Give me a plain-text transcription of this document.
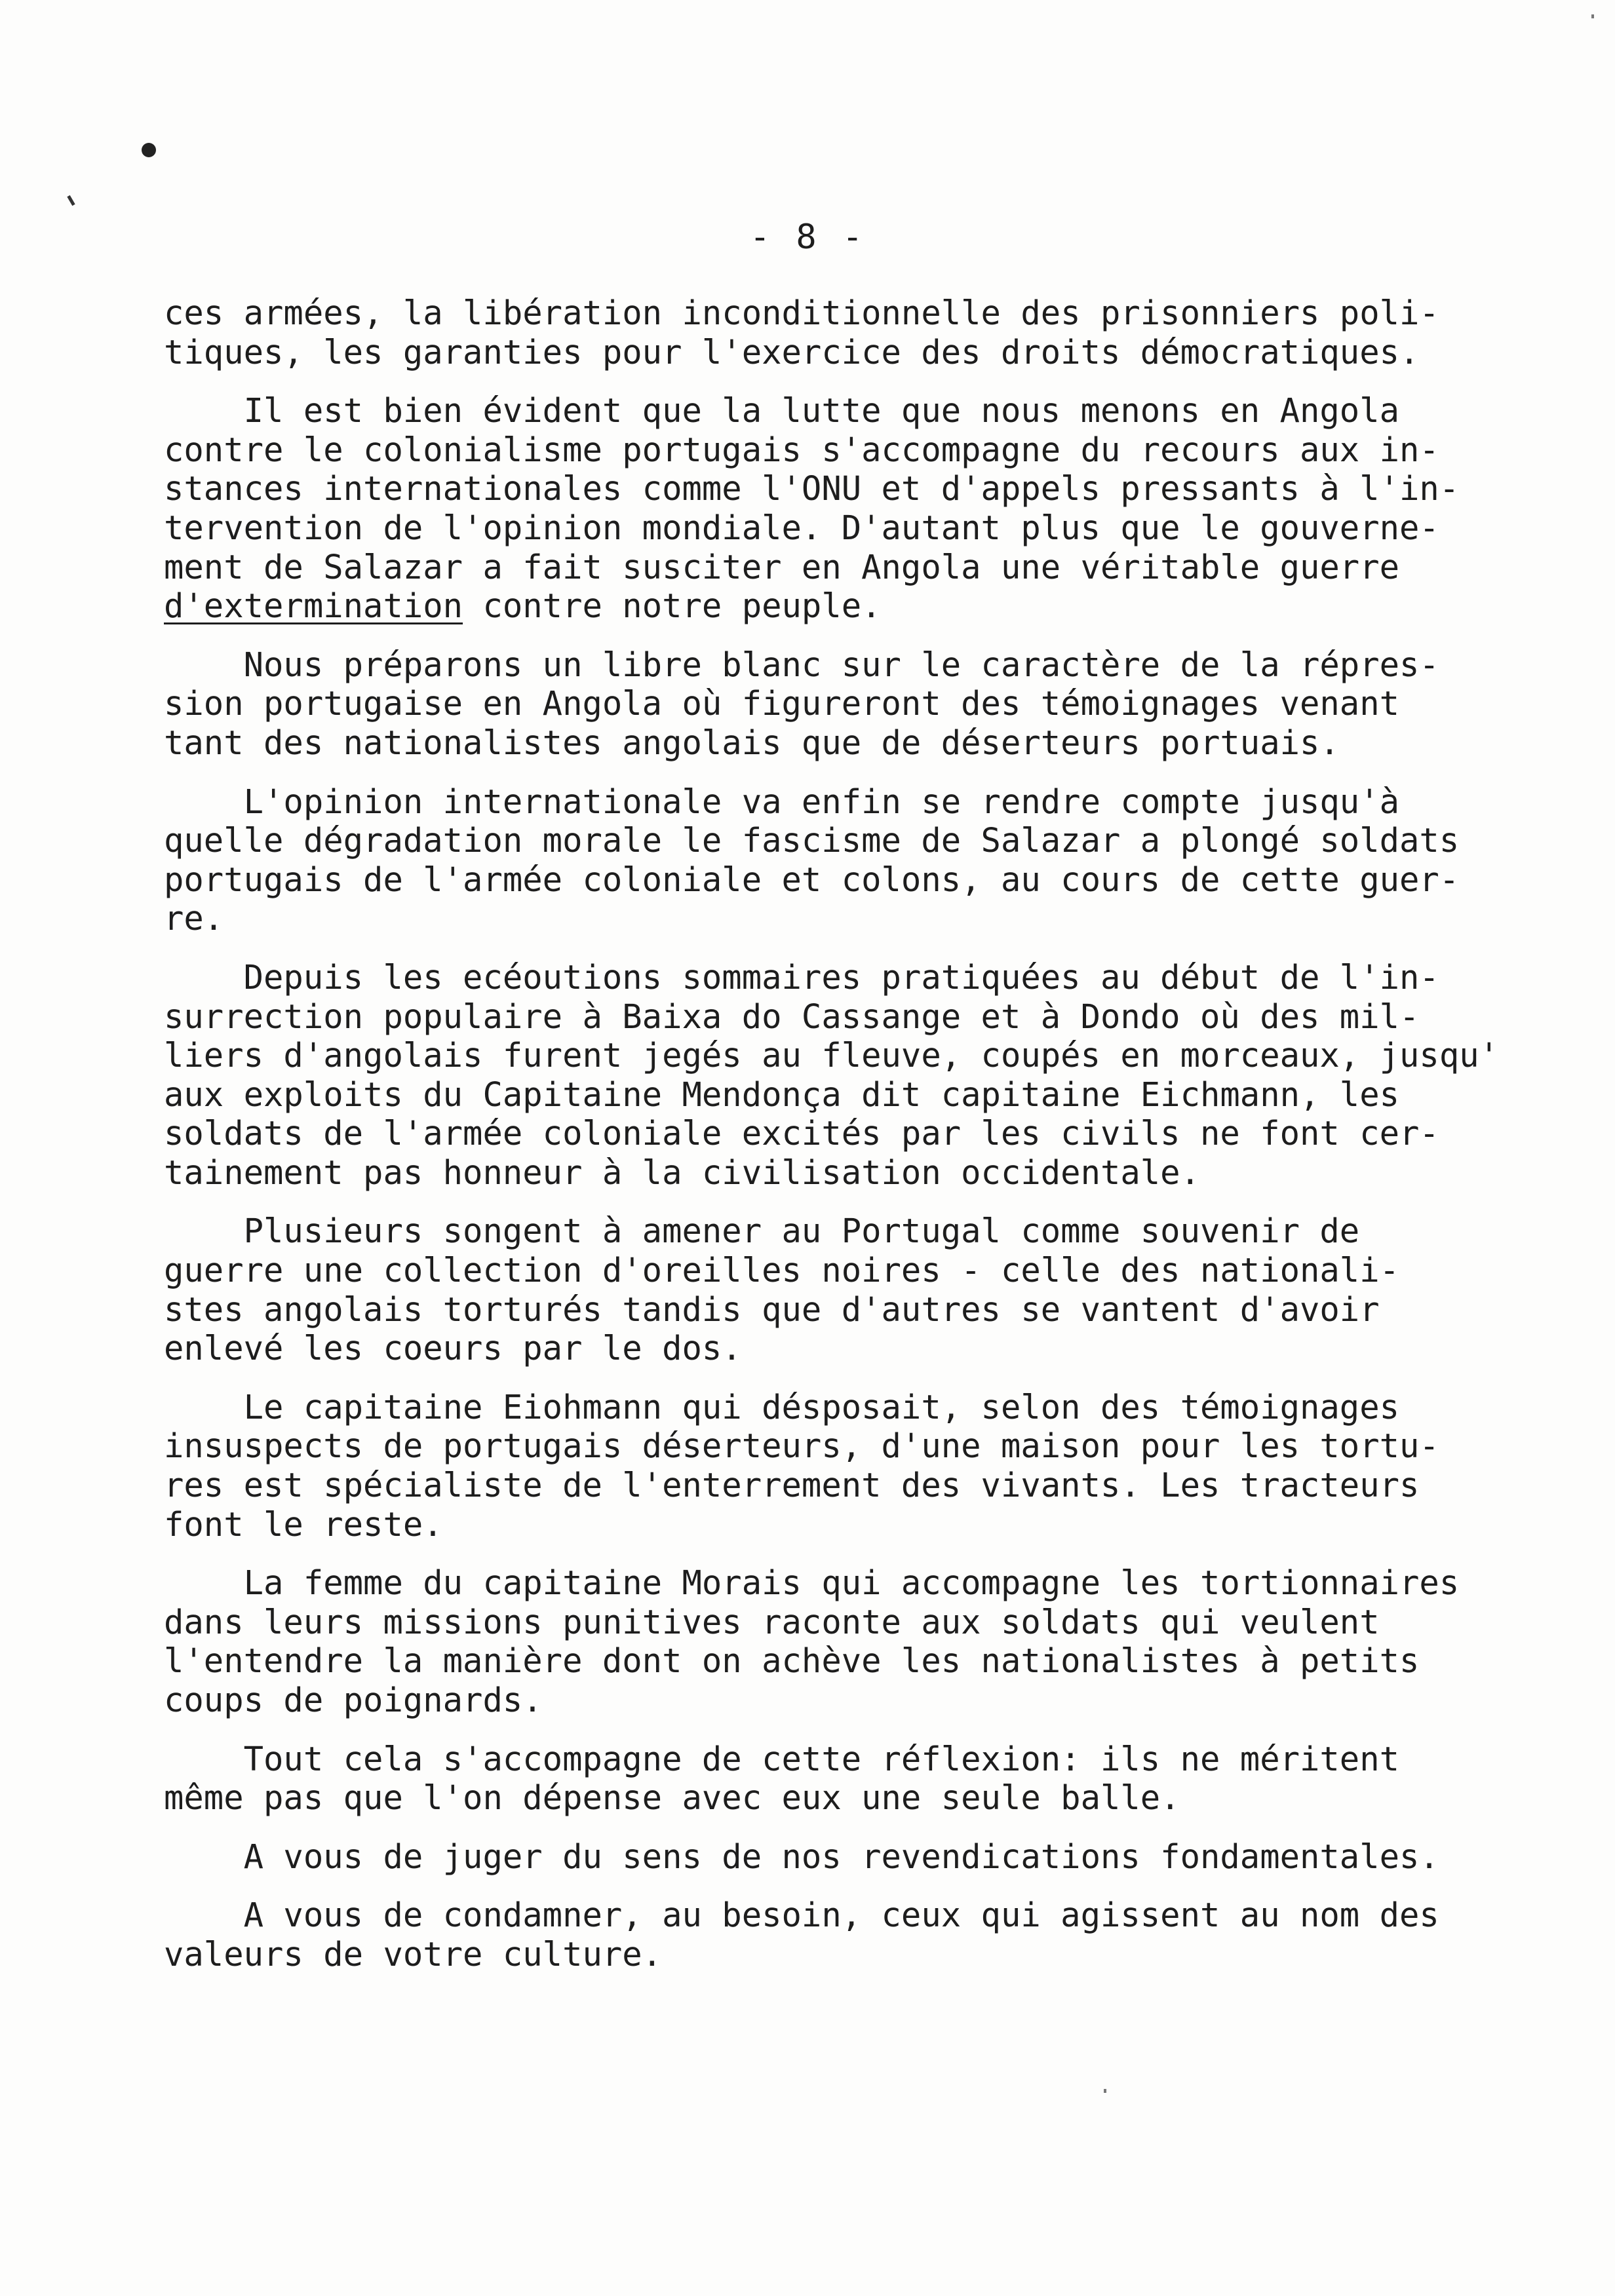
- 8 -
ces armées, la libération inconditionnelle des prisonniers poli-
tiques, les garanties pour l'exercice des droits démocratiques.
Il est bien évident que la lutte que nous menons en Angola
contre le colonialisme portugais s'accompagne du recours aux in-
stances internationales comme l'ONU et d'appels pressants à l'in-
tervention de l'opinion mondiale. D'autant plus que le gouverne-
ment de Salazar a fait susciter en Angola une véritable guerre
d'extermination contre notre peuple.
Nous préparons un libre blanc sur le caractère de la répres-
sion portugaise en Angola où figureront des témoignages venant
tant des nationalistes angolais que de déserteurs portuais.
L'opinion internationale va enfin se rendre compte jusqu'à
quelle dégradation morale le fascisme de Salazar a plongé soldats
portugais de l'armée coloniale et colons, au cours de cette guer-
re.
Depuis les ecéoutions sommaires pratiquées au début de l'in-
surrection populaire à Baixa do Cassange et à Dondo où des mil-
liers d'angolais furent jegés au fleuve, coupés en morceaux, jusqu'
aux exploits du Capitaine Mendonça dit capitaine Eichmann, les
soldats de l'armée coloniale excités par les civils ne font cer-
tainement pas honneur à la civilisation occidentale.
Plusieurs songent à amener au Portugal comme souvenir de
guerre une collection d'oreilles noires - celle des nationali-
stes angolais torturés tandis que d'autres se vantent d'avoir
enlevé les coeurs par le dos.
Le capitaine Eiohmann qui désposait, selon des témoignages
insuspects de portugais déserteurs, d'une maison pour les tortu-
res est spécialiste de l'enterrement des vivants. Les tracteurs
font le reste.
La femme du capitaine Morais qui accompagne les tortionnaires
dans leurs missions punitives raconte aux soldats qui veulent
l'entendre la manière dont on achève les nationalistes à petits
coups de poignards.
Tout cela s'accompagne de cette réflexion: ils ne méritent
même pas que l'on dépense avec eux une seule balle.
A vous de juger du sens de nos revendications fondamentales.
A vous de condamner, au besoin, ceux qui agissent au nom des
valeurs de votre culture.
